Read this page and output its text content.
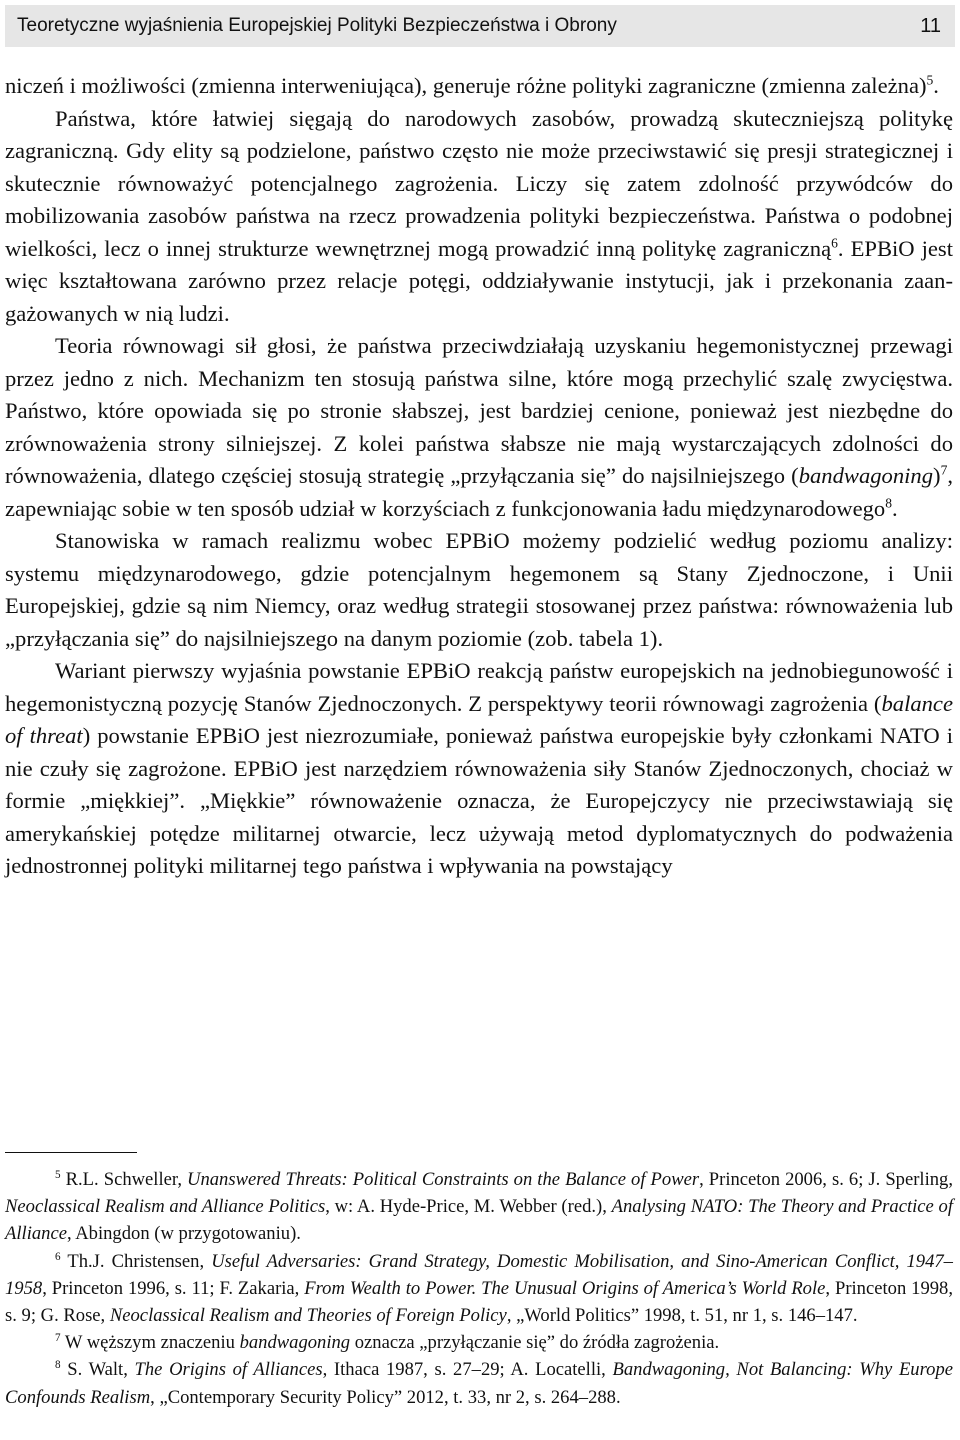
Teoretyczne wyjaśnienia Europejskiej Polityki Bezpieczeństwa i Obrony	11

niczeń i możliwości (zmienna interweniująca), generuje różne polityki zagraniczne (zmienna zależna)$^5$.

Państwa, które łatwiej sięgają do narodowych zasobów, prowadzą skuteczniejszą politykę zagraniczną. Gdy elity są podzielone, państwo często nie może przeciwstawić się presji strategicznej i skutecznie równoważyć potencjalnego zagrożenia. Liczy się zatem zdolność przywódców do mobilizowania zasobów państwa na rzecz prowadzenia polityki bezpieczeństwa. Państwa o podobnej wielkości, lecz o innej strukturze wewnętrznej mogą prowadzić inną politykę zagraniczną$^6$. EPBiO jest więc kształtowana zarówno przez relacje potęgi, oddziaływanie instytucji, jak i przekonania zaangażowanych w nią ludzi.

Teoria równowagi sił głosi, że państwa przeciwdziałają uzyskaniu hegemonistycznej przewagi przez jedno z nich. Mechanizm ten stosują państwa silne, które mogą przechylić szalę zwycięstwa. Państwo, które opowiada się po stronie słabszej, jest bardziej cenione, ponieważ jest niezbędne do zrównoważenia strony silniejszej. Z kolei państwa słabsze nie mają wystarczających zdolności do równoważenia, dlatego częściej stosują strategię „przyłączania się” do najsilniejszego (bandwagoning)$^7$, zapewniając sobie w ten sposób udział w korzyściach z funkcjonowania ładu międzynarodowego$^8$.

Stanowiska w ramach realizmu wobec EPBiO możemy podzielić według poziomu analizy: systemu międzynarodowego, gdzie potencjalnym hegemonem są Stany Zjednoczone, i Unii Europejskiej, gdzie są nim Niemcy, oraz według strategii stosowanej przez państwa: równoważenia lub „przyłączania się” do najsilniejszego na danym poziomie (zob. tabela 1).

Wariant pierwszy wyjaśnia powstanie EPBiO reakcją państw europejskich na jednobiegunowość i hegemonistyczną pozycję Stanów Zjednoczonych. Z perspektywy teorii równowagi zagrożenia (balance of threat) powstanie EPBiO jest niezrozumiałe, ponieważ państwa europejskie były członkami NATO i nie czuły się zagrożone. EPBiO jest narzędziem równoważenia siły Stanów Zjednoczonych, chociaż w formie „miękkiej”. „Miękkie” równoważenie oznacza, że Europejczycy nie przeciwstawiają się amerykańskiej potędze militarnej otwarcie, lecz używają metod dyplomatycznych do podważenia jednostronnej polityki militarnej tego państwa i wpływania na powstający

$^5$ R.L. Schweller, Unanswered Threats: Political Constraints on the Balance of Power, Princeton 2006, s. 6; J. Sperling, Neoclassical Realism and Alliance Politics, w: A. Hyde-Price, M. Webber (red.), Analysing NATO: The Theory and Practice of Alliance, Abingdon (w przygotowaniu).

$^6$ Th.J. Christensen, Useful Adversaries: Grand Strategy, Domestic Mobilisation, and Sino-American Conflict, 1947–1958, Princeton 1996, s. 11; F. Zakaria, From Wealth to Power. The Unusual Origins of America’s World Role, Princeton 1998, s. 9; G. Rose, Neoclassical Realism and Theories of Foreign Policy, „World Politics” 1998, t. 51, nr 1, s. 146–147.

$^7$ W węższym znaczeniu bandwagoning oznacza „przyłączanie się” do źródła zagrożenia.

$^8$ S. Walt, The Origins of Alliances, Ithaca 1987, s. 27–29; A. Locatelli, Bandwagoning, Not Balancing: Why Europe Confounds Realism, „Contemporary Security Policy” 2012, t. 33, nr 2, s. 264–288.
